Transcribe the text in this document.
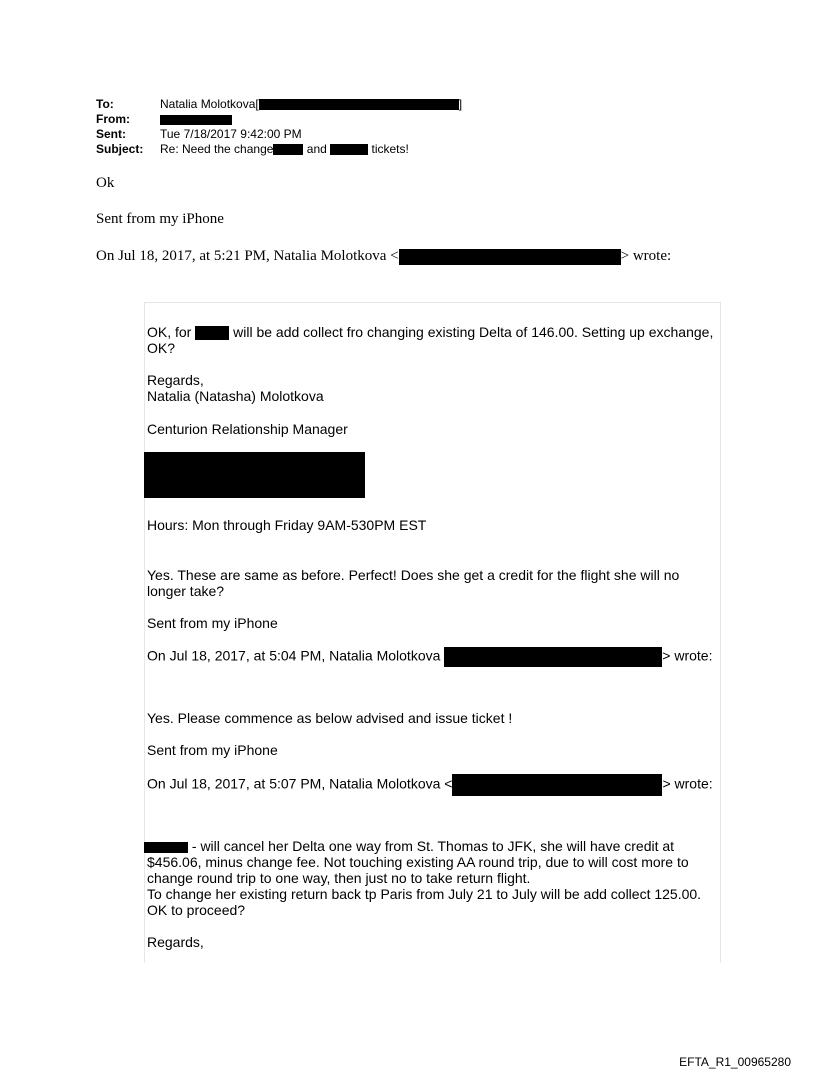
To:	Natalia Molotkova[	]
From:
Sent:	Tue 7/18/2017 9:42:00 PM
Subject: Re: Need the change	and	tickets!
Ok
Sent from my iPhone
On Jul 18, 2017, at 5:21 PM, Natalia Molotkova <	> wrote:
OK, for	will be add collect fro changing existing Delta of 146.00. Setting up exchange,
OK?
Regards,
Natalia (Natasha) Molotkova
Centurion Relationship Manager
Hours: Mon through Friday 9AM-530PM EST
Yes. These are same as before. Perfect! Does she get a credit for the flight she will no
longer take?
Sent from my iPhone
On Jul 18, 2017, at 5:04 PM, Natalia Molotkova	> wrote:
Yes. Please commence as below advised and issue ticket !
Sent from my iPhone
On Jul 18, 2017, at 5:07 PM, Natalia Molotkova <	> wrote:
- will cancel her Delta one way from St. Thomas to JFK, she will have credit at
$456.06, minus change fee. Not touching existing AA round trip, due to will cost more to
change round trip to one way, then just no to take return flight.
To change her existing return back tp Paris from July 21 to July will be add collect 125.00.
OK to proceed?
Regards,
EFTA_R1_00965280
